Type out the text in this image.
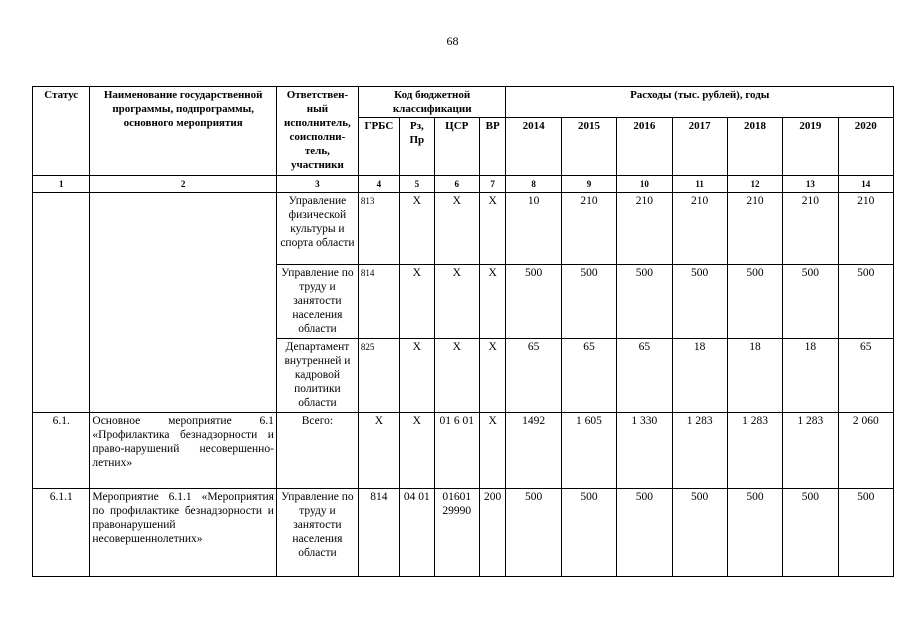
68
Статус	Наименование государственной программы, подпрограммы, основного мероприятия	Ответствен-ный исполнитель, соисполни-тель, участники	Код бюджетной классификации				Расходы (тыс. рублей), годы						
			ГРБС	Рз, Пр	ЦСР	ВР	2014	2015	2016	2017	2018	2019	2020
1	2	3	4	5	6	7	8	9	10	11	12	13	14
		Управление физической культуры и спорта области	813	X	X	X	10	210	210	210	210	210	210
		Управление по труду и занятости населения области	814	X	X	X	500	500	500	500	500	500	500
		Департамент внутренней и кадровой политики области	825	X	X	X	65	65	65	18	18	18	65
6.1.	Основное мероприятие 6.1 «Профилактика безнадзорности и право-нарушений несовершенно-летних»	Всего:	X	X	01 6 01	X	1492	1 605	1 330	1 283	1 283	1 283	2 060
6.1.1	Мероприятие 6.1.1 «Мероприятия по профилактике безнадзорности и правонарушений несовершеннолетних»	Управление по труду и занятости населения области	814	04 01	01601 29990	200	500	500	500	500	500	500	500
